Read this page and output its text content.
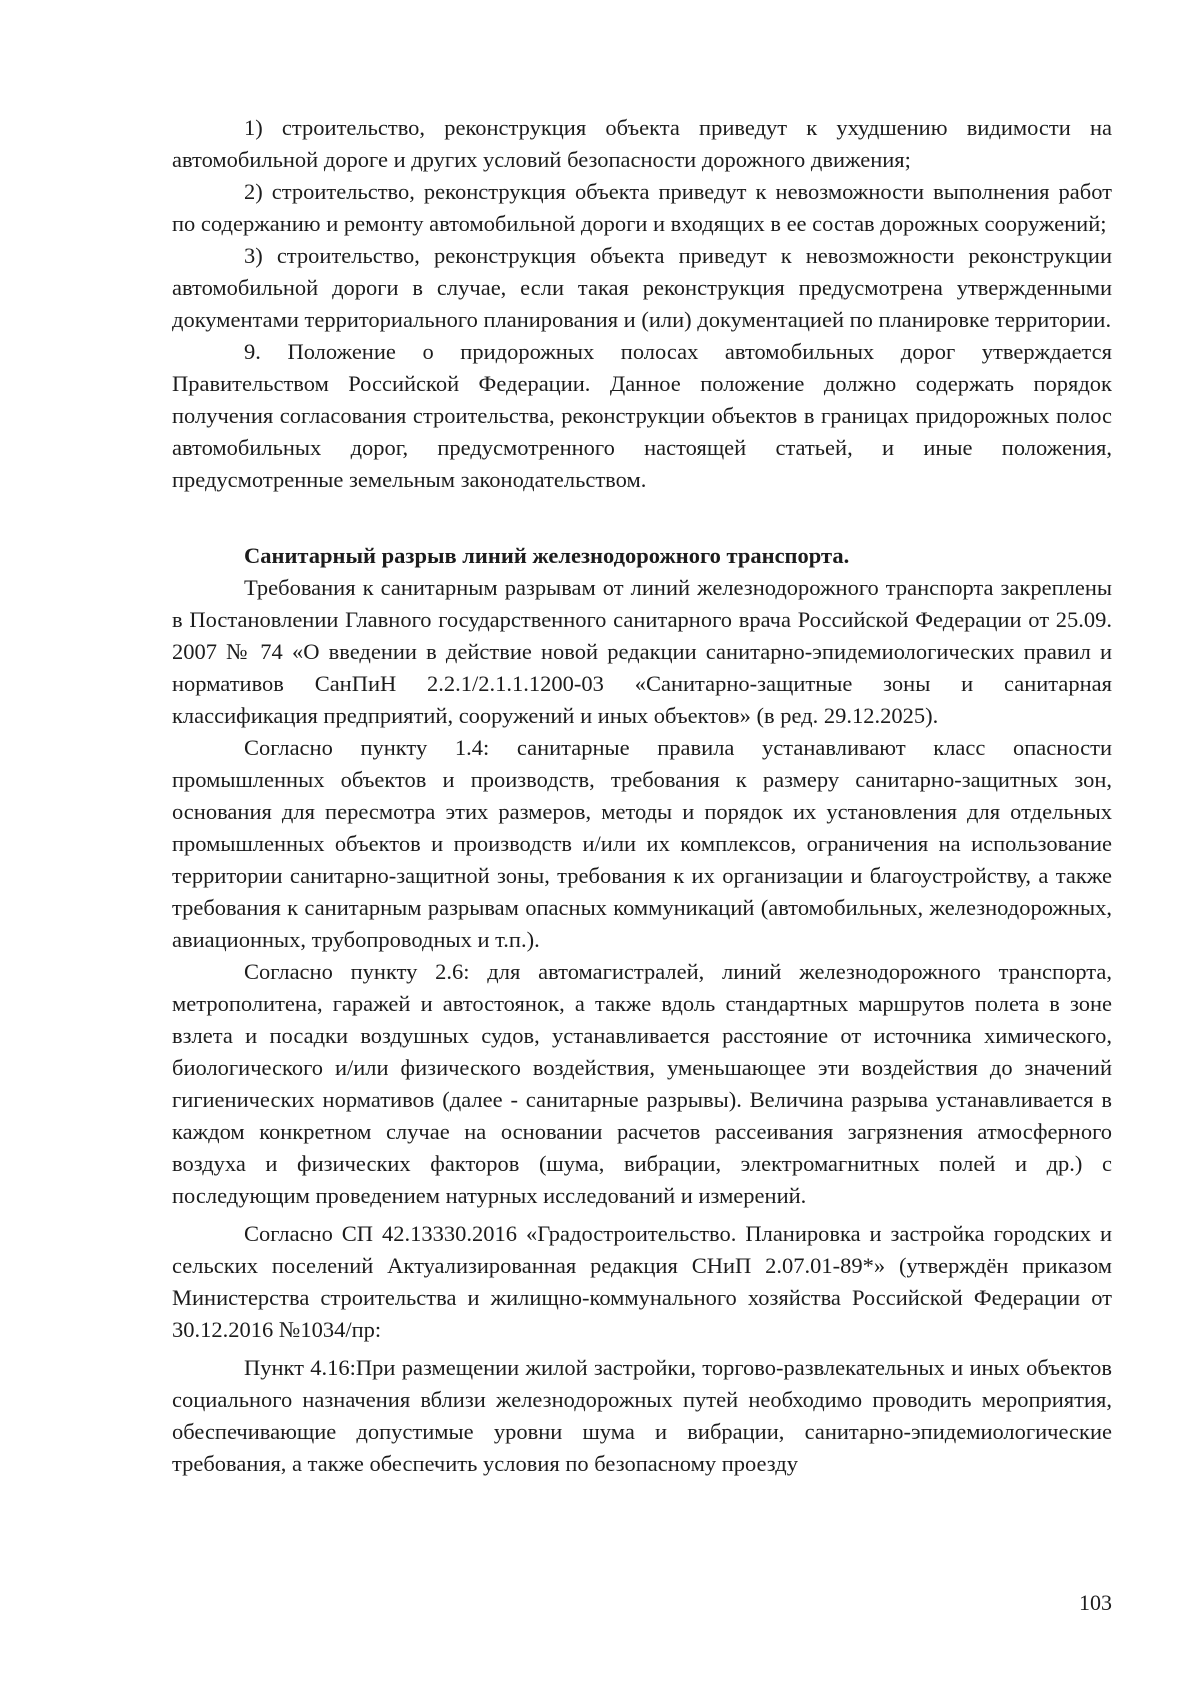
1) строительство, реконструкция объекта приведут к ухудшению видимости на автомобильной дороге и других условий безопасности дорожного движения;

2) строительство, реконструкция объекта приведут к невозможности выполнения работ по содержанию и ремонту автомобильной дороги и входящих в ее состав дорожных сооружений;

3) строительство, реконструкция объекта приведут к невозможности реконструкции автомобильной дороги в случае, если такая реконструкция предусмотрена утвержденными документами территориального планирования и (или) документацией по планировке территории.

9. Положение о придорожных полосах автомобильных дорог утверждается Правительством Российской Федерации. Данное положение должно содержать порядок получения согласования строительства, реконструкции объектов в границах придорожных полос автомобильных дорог, предусмотренного настоящей статьей, и иные положения, предусмотренные земельным законодательством.

Санитарный разрыв линий железнодорожного транспорта.

Требования к санитарным разрывам от линий железнодорожного транспорта закреплены в Постановлении Главного государственного санитарного врача Российской Федерации от 25.09. 2007 № 74 «О введении в действие новой редакции санитарно-эпидемиологических правил и нормативов СанПиН 2.2.1/2.1.1.1200-03 «Санитарно-защитные зоны и санитарная классификация предприятий, сооружений и иных объектов» (в ред. 29.12.2025).

Согласно пункту 1.4: санитарные правила устанавливают класс опасности промышленных объектов и производств, требования к размеру санитарно-защитных зон, основания для пересмотра этих размеров, методы и порядок их установления для отдельных промышленных объектов и производств и/или их комплексов, ограничения на использование территории санитарно-защитной зоны, требования к их организации и благоустройству, а также требования к санитарным разрывам опасных коммуникаций (автомобильных, железнодорожных, авиационных, трубопроводных и т.п.).

Согласно пункту 2.6: для автомагистралей, линий железнодорожного транспорта, метрополитена, гаражей и автостоянок, а также вдоль стандартных маршрутов полета в зоне взлета и посадки воздушных судов, устанавливается расстояние от источника химического, биологического и/или физического воздействия, уменьшающее эти воздействия до значений гигиенических нормативов (далее - санитарные разрывы). Величина разрыва устанавливается в каждом конкретном случае на основании расчетов рассеивания загрязнения атмосферного воздуха и физических факторов (шума, вибрации, электромагнитных полей и др.) с последующим проведением натурных исследований и измерений.

Согласно СП 42.13330.2016 «Градостроительство. Планировка и застройка городских и сельских поселений Актуализированная редакция СНиП 2.07.01-89*» (утверждён приказом Министерства строительства и жилищно-коммунального хозяйства Российской Федерации от 30.12.2016 №1034/пр:

Пункт 4.16:При размещении жилой застройки, торгово-развлекательных и иных объектов социального назначения вблизи железнодорожных путей необходимо проводить мероприятия, обеспечивающие допустимые уровни шума и вибрации, санитарно-эпидемиологические требования, а также обеспечить условия по безопасному проезду

103
